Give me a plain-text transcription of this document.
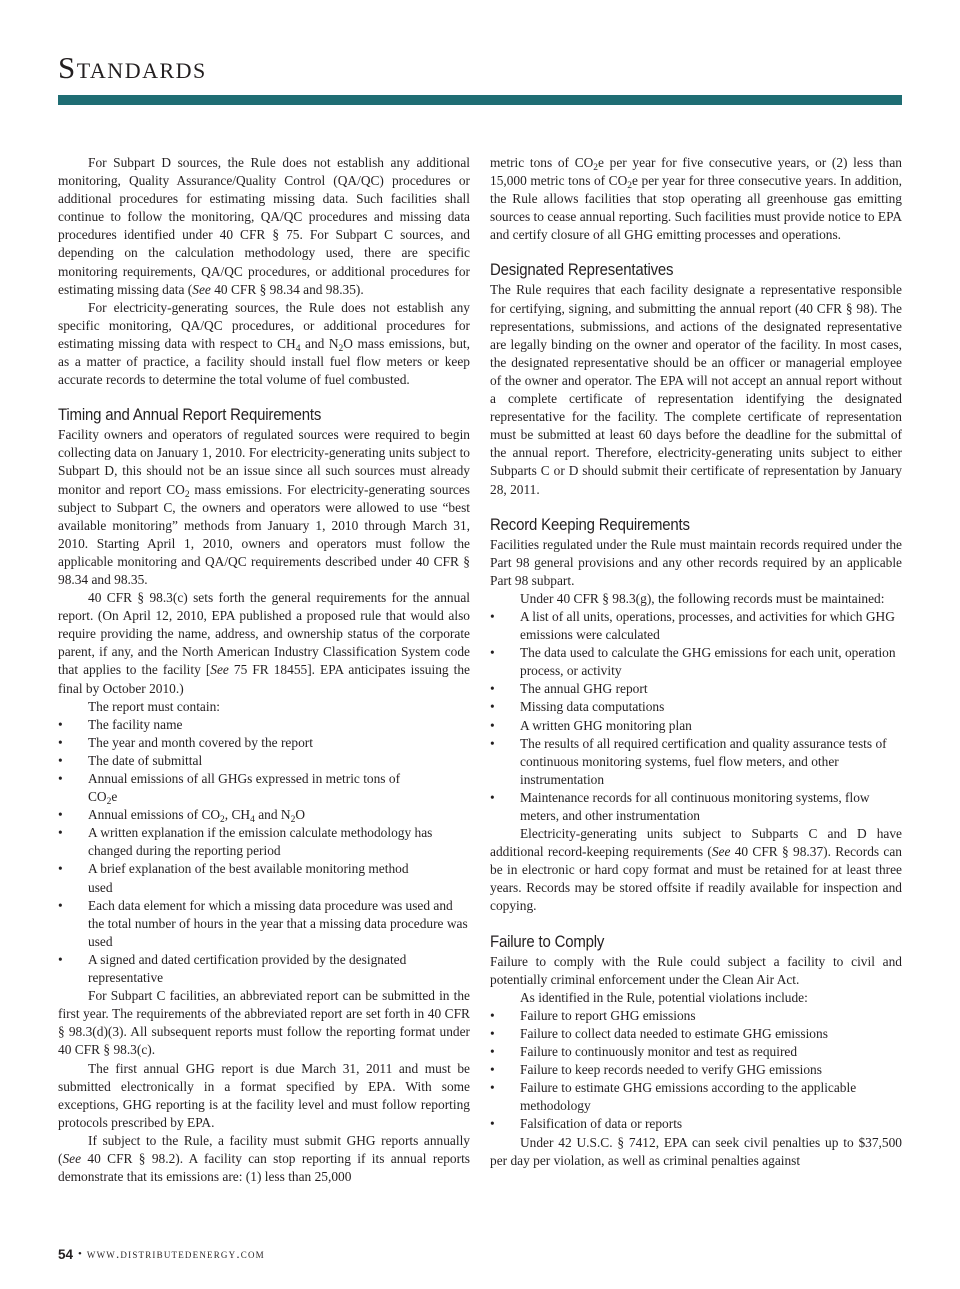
Standards

For Subpart D sources, the Rule does not establish any additional monitoring, Quality Assurance/Quality Control (QA/QC) procedures or additional procedures for estimating missing data. Such facilities shall continue to follow the monitoring, QA/QC procedures and missing data procedures identified under 40 CFR § 75. For Subpart C sources, and depending on the calculation methodology used, there are specific monitoring requirements, QA/QC procedures, or additional procedures for estimating missing data (See 40 CFR § 98.34 and 98.35).

For electricity-generating sources, the Rule does not establish any specific monitoring, QA/QC procedures, or additional procedures for estimating missing data with respect to $CH_4$ and $N_2O$ mass emissions, but, as a matter of practice, a facility should install fuel flow meters or keep accurate records to determine the total volume of fuel combusted.

Timing and Annual Report Requirements

Facility owners and operators of regulated sources were required to begin collecting data on January 1, 2010. For electricity-generating units subject to Subpart D, this should not be an issue since all such sources must already monitor and report $CO_2$ mass emissions. For electricity-generating sources subject to Subpart C, the owners and operators were allowed to use “best available monitoring” methods from January 1, 2010 through March 31, 2010. Starting April 1, 2010, owners and operators must follow the applicable monitoring and QA/QC requirements described under 40 CFR § 98.34 and 98.35.

40 CFR § 98.3(c) sets forth the general requirements for the annual report. (On April 12, 2010, EPA published a proposed rule that would also require providing the name, address, and ownership status of the corporate parent, if any, and the North American Industry Classification System code that applies to the facility [See 75 FR 18455]. EPA anticipates issuing the final by October 2010.)

The report must contain:

•	The facility name
•	The year and month covered by the report
•	The date of submittal
•	Annual emissions of all GHGs expressed in metric tons of $CO_2e$
•	Annual emissions of $CO_2$, $CH_4$ and $N_2O$
•	A written explanation if the emission calculate methodology has changed during the reporting period
•	A brief explanation of the best available monitoring method used
•	Each data element for which a missing data procedure was used and the total number of hours in the year that a missing data procedure was used
•	A signed and dated certification provided by the designated representative

For Subpart C facilities, an abbreviated report can be submitted in the first year. The requirements of the abbreviated report are set forth in 40 CFR § 98.3(d)(3). All subsequent reports must follow the reporting format under 40 CFR § 98.3(c).

The first annual GHG report is due March 31, 2011 and must be submitted electronically in a format specified by EPA. With some exceptions, GHG reporting is at the facility level and must follow reporting protocols prescribed by EPA.

If subject to the Rule, a facility must submit GHG reports annually (See 40 CFR § 98.2). A facility can stop reporting if its annual reports demonstrate that its emissions are: (1) less than 25,000

metric tons of $CO_2e$ per year for five consecutive years, or (2) less than 15,000 metric tons of $CO_2e$ per year for three consecutive years. In addition, the Rule allows facilities that stop operating all greenhouse gas emitting sources to cease annual reporting. Such facilities must provide notice to EPA and certify closure of all GHG emitting processes and operations.

Designated Representatives

The Rule requires that each facility designate a representative responsible for certifying, signing, and submitting the annual report (40 CFR § 98). The representations, submissions, and actions of the designated representative are legally binding on the owner and operator of the facility. In most cases, the designated representative should be an officer or managerial employee of the owner and operator. The EPA will not accept an annual report without a complete certificate of representation identifying the designated representative for the facility. The complete certificate of representation must be submitted at least 60 days before the deadline for the submittal of the annual report. Therefore, electricity-generating units subject to either Subparts C or D should submit their certificate of representation by January 28, 2011.

Record Keeping Requirements

Facilities regulated under the Rule must maintain records required under the Part 98 general provisions and any other records required by an applicable Part 98 subpart.

Under 40 CFR § 98.3(g), the following records must be maintained:

•	A list of all units, operations, processes, and activities for which GHG emissions were calculated
•	The data used to calculate the GHG emissions for each unit, operation process, or activity
•	The annual GHG report
•	Missing data computations
•	A written GHG monitoring plan
•	The results of all required certification and quality assurance tests of continuous monitoring systems, fuel flow meters, and other instrumentation
•	Maintenance records for all continuous monitoring systems, flow meters, and other instrumentation

Electricity-generating units subject to Subparts C and D have additional record-keeping requirements (See 40 CFR § 98.37). Records can be in electronic or hard copy format and must be retained for at least three years. Records may be stored offsite if readily available for inspection and copying.

Failure to Comply

Failure to comply with the Rule could subject a facility to civil and potentially criminal enforcement under the Clean Air Act.

As identified in the Rule, potential violations include:

•	Failure to report GHG emissions
•	Failure to collect data needed to estimate GHG emissions
•	Failure to continuously monitor and test as required
•	Failure to keep records needed to verify GHG emissions
•	Failure to estimate GHG emissions according to the applicable methodology
•	Falsification of data or reports

Under 42 U.S.C. § 7412, EPA can seek civil penalties up to $37,500 per day per violation, as well as criminal penalties against

54 • www.distributedenergy.com
